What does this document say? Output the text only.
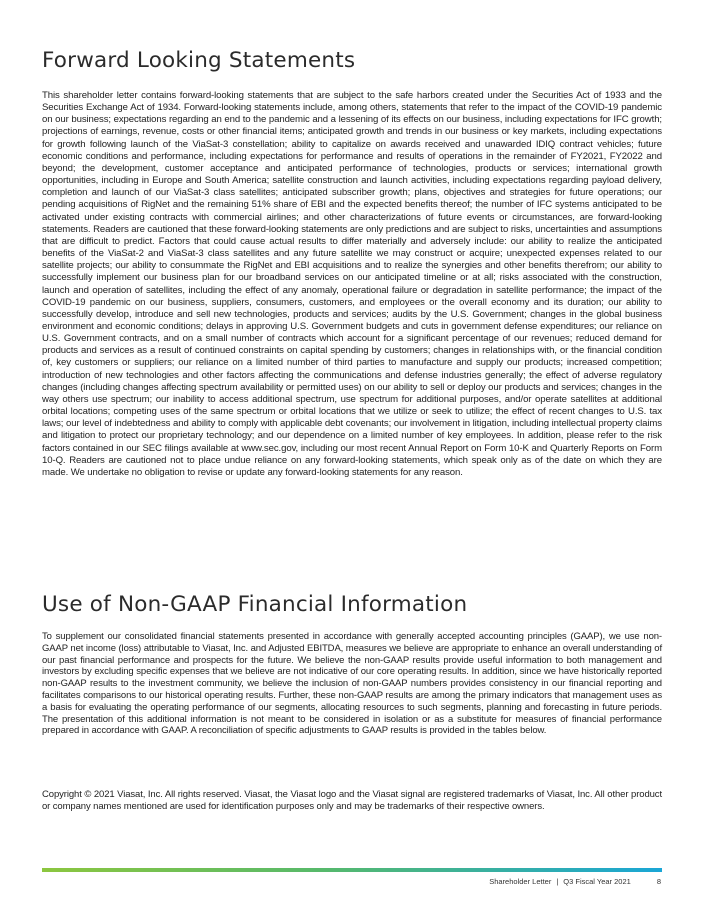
Forward Looking Statements

This shareholder letter contains forward-looking statements that are subject to the safe harbors created under the Securities Act of 1933 and the Securities Exchange Act of 1934. Forward-looking statements include, among others, statements that refer to the impact of the COVID-19 pandemic on our business; expectations regarding an end to the pandemic and a lessening of its effects on our business, including expectations for IFC growth; projections of earnings, revenue, costs or other financial items; anticipated growth and trends in our business or key markets, including expectations for growth following launch of the ViaSat-3 constellation; ability to capitalize on awards received and unawarded IDIQ contract vehicles; future economic conditions and performance, including expectations for performance and results of operations in the remainder of FY2021, FY2022 and beyond; the development, customer acceptance and anticipated performance of technologies, products or services; international growth opportunities, including in Europe and South America; satellite construction and launch activities, including expectations regarding payload delivery, completion and launch of our ViaSat-3 class satellites; anticipated subscriber growth; plans, objectives and strategies for future operations; our pending acquisitions of RigNet and the remaining 51% share of EBI and the expected benefits thereof; the number of IFC systems anticipated to be activated under existing contracts with commercial airlines; and other characterizations of future events or circumstances, are forward-looking statements. Readers are cautioned that these forward-looking statements are only predictions and are subject to risks, uncertainties and assumptions that are difficult to predict. Factors that could cause actual results to differ materially and adversely include: our ability to realize the anticipated benefits of the ViaSat-2 and ViaSat-3 class satellites and any future satellite we may construct or acquire; unexpected expenses related to our satellite projects; our ability to consummate the RigNet and EBI acquisitions and to realize the synergies and other benefits therefrom; our ability to successfully implement our business plan for our broadband services on our anticipated timeline or at all; risks associated with the construction, launch and operation of satellites, including the effect of any anomaly, operational failure or degradation in satellite performance; the impact of the COVID-19 pandemic on our business, suppliers, consumers, customers, and employees or the overall economy and its duration; our ability to successfully develop, introduce and sell new technologies, products and services; audits by the U.S. Government; changes in the global business environment and economic conditions; delays in approving U.S. Government budgets and cuts in government defense expenditures; our reliance on U.S. Government contracts, and on a small number of contracts which account for a significant percentage of our revenues; reduced demand for products and services as a result of continued constraints on capital spending by customers; changes in relationships with, or the financial condition of, key customers or suppliers; our reliance on a limited number of third parties to manufacture and supply our products; increased competition; introduction of new technologies and other factors affecting the communications and defense industries generally; the effect of adverse regulatory changes (including changes affecting spectrum availability or permitted uses) on our ability to sell or deploy our products and services; changes in the way others use spectrum; our inability to access additional spectrum, use spectrum for additional purposes, and/or operate satellites at additional orbital locations; competing uses of the same spectrum or orbital locations that we utilize or seek to utilize; the effect of recent changes to U.S. tax laws; our level of indebtedness and ability to comply with applicable debt covenants; our involvement in litigation, including intellectual property claims and litigation to protect our proprietary technology; and our dependence on a limited number of key employees. In addition, please refer to the risk factors contained in our SEC filings available at www.sec.gov, including our most recent Annual Report on Form 10-K and Quarterly Reports on Form 10-Q. Readers are cautioned not to place undue reliance on any forward-looking statements, which speak only as of the date on which they are made. We undertake no obligation to revise or update any forward-looking statements for any reason.

Use of Non-GAAP Financial Information

To supplement our consolidated financial statements presented in accordance with generally accepted accounting principles (GAAP), we use non-GAAP net income (loss) attributable to Viasat, Inc. and Adjusted EBITDA, measures we believe are appropriate to enhance an overall understanding of our past financial performance and prospects for the future. We believe the non-GAAP results provide useful information to both management and investors by excluding specific expenses that we believe are not indicative of our core operating results. In addition, since we have historically reported non-GAAP results to the investment community, we believe the inclusion of non-GAAP numbers provides consistency in our financial reporting and facilitates comparisons to our historical operating results. Further, these non-GAAP results are among the primary indicators that management uses as a basis for evaluating the operating performance of our segments, allocating resources to such segments, planning and forecasting in future periods. The presentation of this additional information is not meant to be considered in isolation or as a substitute for measures of financial performance prepared in accordance with GAAP. A reconciliation of specific adjustments to GAAP results is provided in the tables below.

Copyright © 2021 Viasat, Inc. All rights reserved. Viasat, the Viasat logo and the Viasat signal are registered trademarks of Viasat, Inc. All other product or company names mentioned are used for identification purposes only and may be trademarks of their respective owners.

Shareholder Letter | Q3 Fiscal Year 2021	8
